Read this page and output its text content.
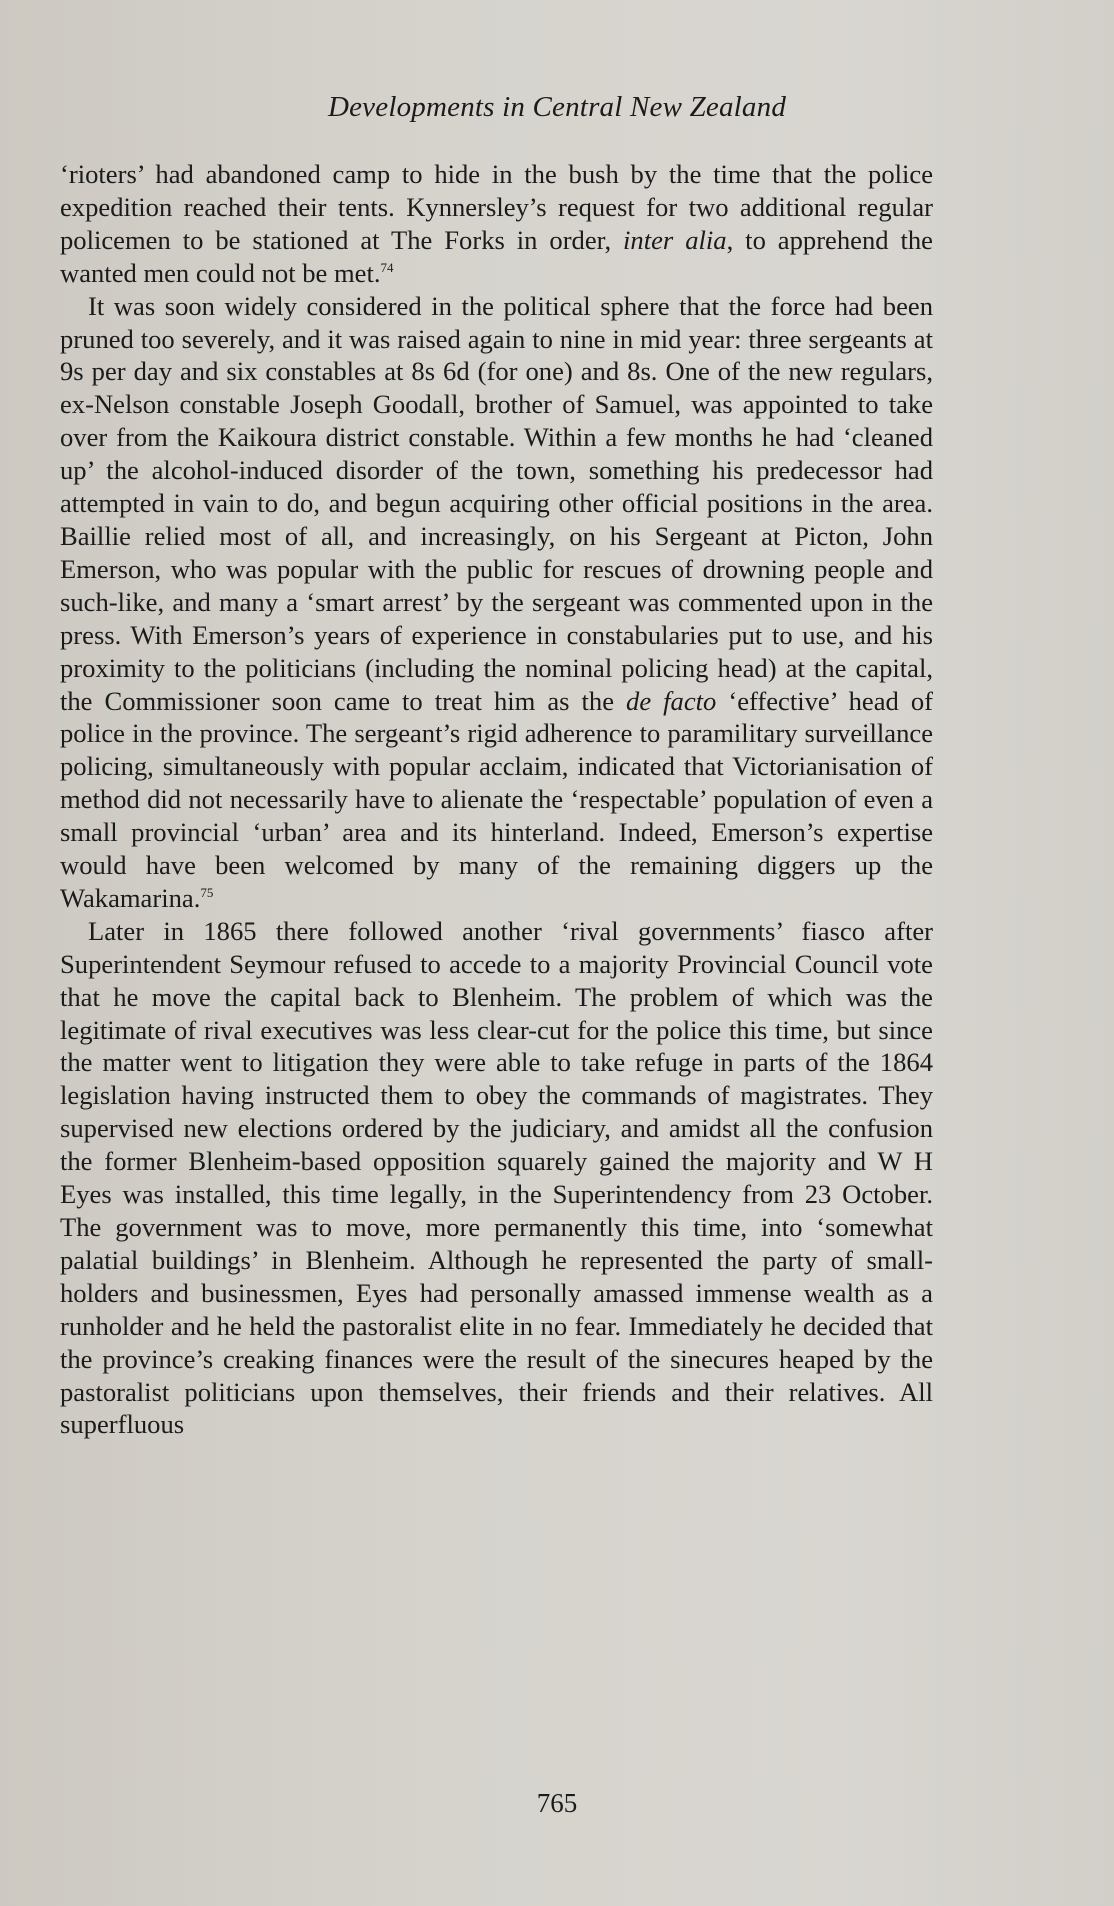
Developments in Central New Zealand

‘rioters’ had abandoned camp to hide in the bush by the time that the police expedition reached their tents. Kynnersley’s request for two additional regular policemen to be stationed at The Forks in order, inter alia, to apprehend the wanted men could not be met.$^{74}$

It was soon widely considered in the political sphere that the force had been pruned too severely, and it was raised again to nine in mid year: three sergeants at 9s per day and six constables at 8s 6d (for one) and 8s. One of the new regulars, ex-Nelson constable Joseph Goodall, brother of Samuel, was appointed to take over from the Kaikoura district constable. Within a few months he had ‘cleaned up’ the alcohol-induced disorder of the town, something his predecessor had attempted in vain to do, and begun acquiring other official positions in the area. Baillie relied most of all, and increasingly, on his Sergeant at Picton, John Emerson, who was popular with the public for rescues of drowning people and such-like, and many a ‘smart arrest’ by the sergeant was commented upon in the press. With Emerson’s years of experience in constabularies put to use, and his proximity to the politicians (including the nominal policing head) at the capital, the Commissioner soon came to treat him as the de facto ‘effective’ head of police in the province. The sergeant’s rigid adherence to paramilitary surveillance policing, simultaneously with popular acclaim, indicated that Victorianisation of method did not necessarily have to alienate the ‘respectable’ population of even a small provincial ‘urban’ area and its hinterland. Indeed, Emerson’s expertise would have been welcomed by many of the remaining diggers up the Wakamarina.$^{75}$

Later in 1865 there followed another ‘rival governments’ fiasco after Superintendent Seymour refused to accede to a majority Provincial Council vote that he move the capital back to Blenheim. The problem of which was the legitimate of rival executives was less clear-cut for the police this time, but since the matter went to litigation they were able to take refuge in parts of the 1864 legislation having instructed them to obey the commands of magistrates. They supervised new elections ordered by the judiciary, and amidst all the confusion the former Blenheim-based opposition squarely gained the majority and W H Eyes was installed, this time legally, in the Superintendency from 23 October. The government was to move, more permanently this time, into ‘somewhat palatial buildings’ in Blenheim. Although he represented the party of smallholders and businessmen, Eyes had personally amassed immense wealth as a runholder and he held the pastoralist elite in no fear. Immediately he decided that the province’s creaking finances were the result of the sinecures heaped by the pastoralist politicians upon themselves, their friends and their relatives. All superfluous

765
